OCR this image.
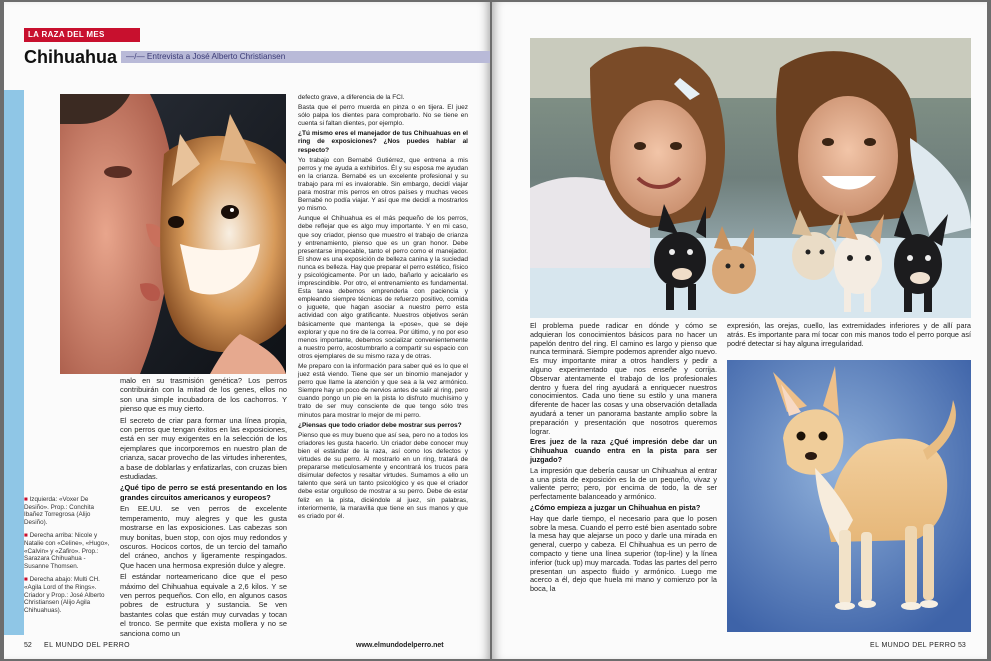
LA RAZA DEL MES
Chihuahua —/— Entrevista a José Alberto Christiansen

malo en su trasmisión genética? Los perros contribuirán con la mitad de los genes, ellos no son una simple incubadora de los cachorros. Y pienso que es muy cierto.

El secreto de criar para formar una línea propia, con perros que tengan éxitos en las exposiciones, está en ser muy exigentes en la selección de los ejemplares que incorporemos en nuestro plan de crianza, sacar provecho de las virtudes inherentes, a base de doblarlas y enfatizarlas, con cruzas bien estudiadas.

¿Qué tipo de perro se está presentando en los grandes circuitos americanos y europeos?

En EE.UU. se ven perros de excelente temperamento, muy alegres y que les gusta mostrarse en las exposiciones. Las cabezas son muy bonitas, buen stop, con ojos muy redondos y oscuros. Hocicos cortos, de un tercio del tamaño del cráneo, anchos y ligeramente respingados. Que hacen una hermosa expresión dulce y alegre.

El estándar norteamericano dice que el peso máximo del Chihuahua equivale a 2,6 kilos. Y se ven perros pequeños. Con ello, en algunos casos pobres de estructura y sustancia. Se ven bastantes colas que están muy curvadas y tocan el tronco. Se permite que exista mollera y no se sanciona como un

■ Izquierda: «Voxer De Desiño». Prop.: Conchita Ibañez Torregrosa (Alijo Desiño).

■ Derecha arriba: Nicole y Natalie con «Celine», «Hugo», «Calvin» y «Zafiro». Prop.: Sarazara Chihuahua - Susanne Thomsen.

■ Derecha abajo: Multi CH. «Agila Lord of the Rings». Criador y Prop.: José Alberto Christiansen (Alijo Agila Chihuahuas).

defecto grave, a diferencia de la FCI.

Basta que el perro muerda en pinza o en tijera. El juez sólo palpa los dientes para comprobarlo. No se tiene en cuenta si faltan dientes, por ejemplo.

¿Tú mismo eres el manejador de tus Chihuahuas en el ring de exposiciones? ¿Nos puedes hablar al respecto?

Yo trabajo con Bernabé Gutiérrez, que entrena a mis perros y me ayuda a exhibirlos. Él y su esposa me ayudan en la crianza. Bernabé es un excelente profesional y su trabajo para mí es invalorable. Sin embargo, decidí viajar para mostrar mis perros en otros países y muchas veces Bernabé no podía viajar. Y así que me decidí a mostrarlos yo mismo.

Aunque el Chihuahua es el más pequeño de los perros, debe reflejar que es algo muy importante. Y en mi caso, que soy criador, pienso que muestro el trabajo de crianza y entrenamiento, pienso que es un gran honor. Debe presentarse impecable, tanto el perro como el manejador. El show es una exposición de belleza canina y la suciedad nunca es belleza. Hay que preparar el perro estético, físico y psicológicamente. Por un lado, bañarlo y acicalarlo es imprescindible. Por otro, el entrenamiento es fundamental. Esta tarea debemos emprenderla con paciencia y empleando siempre técnicas de refuerzo positivo, comida o juguete, que hagan asociar a nuestro perro esta actividad con algo gratificante. Nuestros objetivos serán básicamente que mantenga la «pose», que se deje explorar y que no tire de la correa. Por último, y no por eso menos importante, debemos socializar convenientemente a nuestro perro, acostumbrarlo a compartir su espacio con otros ejemplares de su mismo raza y de otras.

Me preparo con la información para saber qué es lo que el juez está viendo. Tiene que ser un binomio manejador y perro que llame la atención y que sea a la vez armónico. Siempre hay un poco de nervios antes de salir al ring, pero cuando pongo un pie en la pista lo disfruto muchísimo y trato de ser muy consciente de que tengo sólo tres minutos para mostrar lo mejor de mi perro.

¿Piensas que todo criador debe mostrar sus perros?

Pienso que es muy bueno que así sea, pero no a todos los criadores les gusta hacerlo. Un criador debe conocer muy bien el estándar de la raza, así como los defectos y virtudes de su perro. Al mostrarlo en un ring, tratará de prepararse meticulosamente y encontrará los trucos para disimular defectos y resaltar virtudes. Sumamos a ello un talento que será un tanto psicológico y es que el criador debe estar orgulloso de mostrar a su perro. Debe de estar feliz en la pista, diciéndole al juez, sin palabras, interiormente, la maravilla que tiene en sus manos y que es criado por él.

52 EL MUNDO DEL PERRO	www.elmundodelperro.net

El problema puede radicar en dónde y cómo se adquieran los conocimientos básicos para no hacer un papelón dentro del ring. El camino es largo y pienso que nunca terminará. Siempre podemos aprender algo nuevo. Es muy importante mirar a otros handlers y pedir a alguno experimentado que nos enseñe y corrija. Observar atentamente el trabajo de los profesionales dentro y fuera del ring ayudará a enriquecer nuestros conocimientos. Cada uno tiene su estilo y una manera diferente de hacer las cosas y una observación detallada ayudará a tener un panorama bastante amplio sobre la preparación y presentación que nosotros queremos lograr.

Eres juez de la raza ¿Qué impresión debe dar un Chihuahua cuando entra en la pista para ser juzgado?

La impresión que debería causar un Chihuahua al entrar a una pista de exposición es la de un pequeño, vivaz y valiente perro; pero, por encima de todo, la de ser perfectamente balanceado y armónico.

¿Cómo empieza a juzgar un Chihuahua en pista?

Hay que darle tiempo, el necesario para que lo posen sobre la mesa. Cuando el perro esté bien asentado sobre la mesa hay que alejarse un poco y darle una mirada en general, cuerpo y cabeza. El Chihuahua es un perro de compacto y tiene una línea superior (top-line) y la línea inferior (tuck up) muy marcada. Todas las partes del perro presentan un aspecto fluido y armónico. Luego me acerco a él, dejo que huela mi mano y comienzo por la boca, la

expresión, las orejas, cuello, las extremidades inferiores y de allí para atrás. Es importante para mí tocar con mis manos todo el perro porque así podré detectar si hay alguna irregularidad.

EL MUNDO DEL PERRO 53
